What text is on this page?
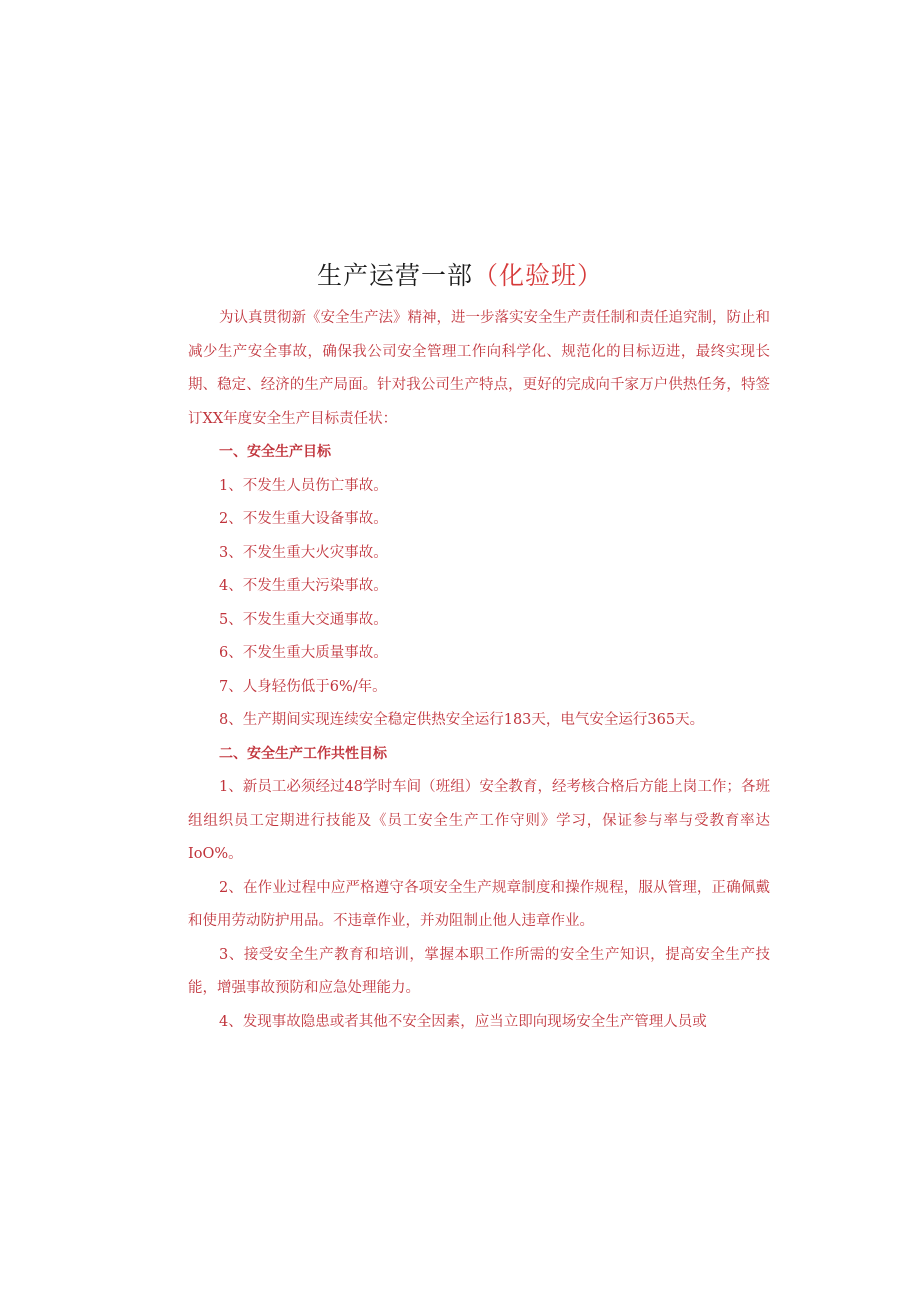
生产运营一部（化验班）

为认真贯彻新《安全生产法》精神，进一步落实安全生产责任制和责任追究制，防止和减少生产安全事故，确保我公司安全管理工作向科学化、规范化的目标迈进，最终实现长期、稳定、经济的生产局面。针对我公司生产特点，更好的完成向千家万户供热任务，特签订XX年度安全生产目标责任状：

一、安全生产目标

1、不发生人员伤亡事故。

2、不发生重大设备事故。

3、不发生重大火灾事故。

4、不发生重大污染事故。

5、不发生重大交通事故。

6、不发生重大质量事故。

7、人身轻伤低于6%/年。

8、生产期间实现连续安全稳定供热安全运行183天，电气安全运行365天。

二、安全生产工作共性目标

1、新员工必须经过48学时车间（班组）安全教育，经考核合格后方能上岗工作；各班组组织员工定期进行技能及《员工安全生产工作守则》学习，保证参与率与受教育率达IoO%。

2、在作业过程中应严格遵守各项安全生产规章制度和操作规程，服从管理，正确佩戴和使用劳动防护用品。不违章作业，并劝阻制止他人违章作业。

3、接受安全生产教育和培训，掌握本职工作所需的安全生产知识，提高安全生产技能，增强事故预防和应急处理能力。

4、发现事故隐患或者其他不安全因素，应当立即向现场安全生产管理人员或
